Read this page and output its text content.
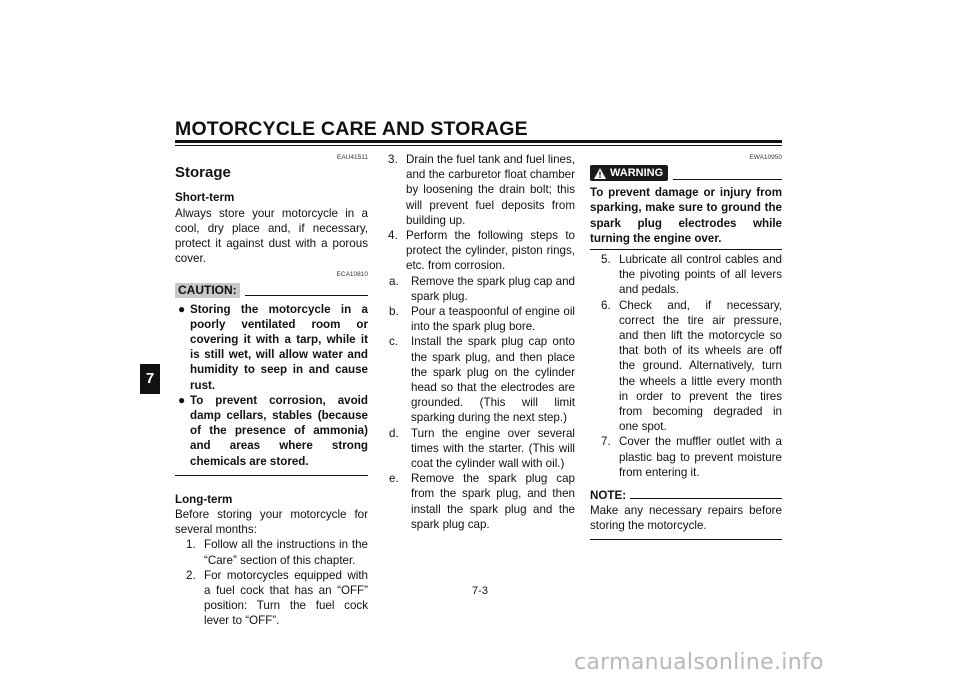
MOTORCYCLE CARE AND STORAGE
7
EAU41511
Storage
Short-term

Always store your motorcycle in a cool, dry place and, if necessary, protect it against dust with a porous cover.

ECA10810
CAUTION:
● Storing the motorcycle in a poorly ventilated room or covering it with a tarp, while it is still wet, will allow water and humidity to seep in and cause rust.
● To prevent corrosion, avoid damp cellars, stables (because of the presence of ammonia) and areas where strong chemicals are stored.
Long-term

Before storing your motorcycle for several months:

1. Follow all the instructions in the “Care” section of this chapter.
2. For motorcycles equipped with a fuel cock that has an “OFF” position: Turn the fuel cock lever to “OFF”.
3. Drain the fuel tank and fuel lines, and the carburetor float chamber by loosening the drain bolt; this will prevent fuel deposits from building up.
4. Perform the following steps to protect the cylinder, piston rings, etc. from corrosion.
a.	Remove the spark plug cap and spark plug.
b.	Pour a teaspoonful of engine oil into the spark plug bore.
c.	Install the spark plug cap onto the spark plug, and then place the spark plug on the cylinder head so that the electrodes are grounded. (This will limit sparking during the next step.)
d.	Turn the engine over several times with the starter. (This will coat the cylinder wall with oil.)
e.	Remove the spark plug cap from the spark plug, and then install the spark plug and the spark plug cap.
EWA10950
WARNING

To prevent damage or injury from sparking, make sure to ground the spark plug electrodes while turning the engine over.

5. Lubricate all control cables and the pivoting points of all levers and pedals.
6. Check and, if necessary, correct the tire air pressure, and then lift the motorcycle so that both of its wheels are off the ground. Alternatively, turn the wheels a little every month in order to prevent the tires from becoming degraded in one spot.
7. Cover the muffler outlet with a plastic bag to prevent moisture from entering it.
NOTE:

Make any necessary repairs before storing the motorcycle.

7-3
carmanualsonline.info
